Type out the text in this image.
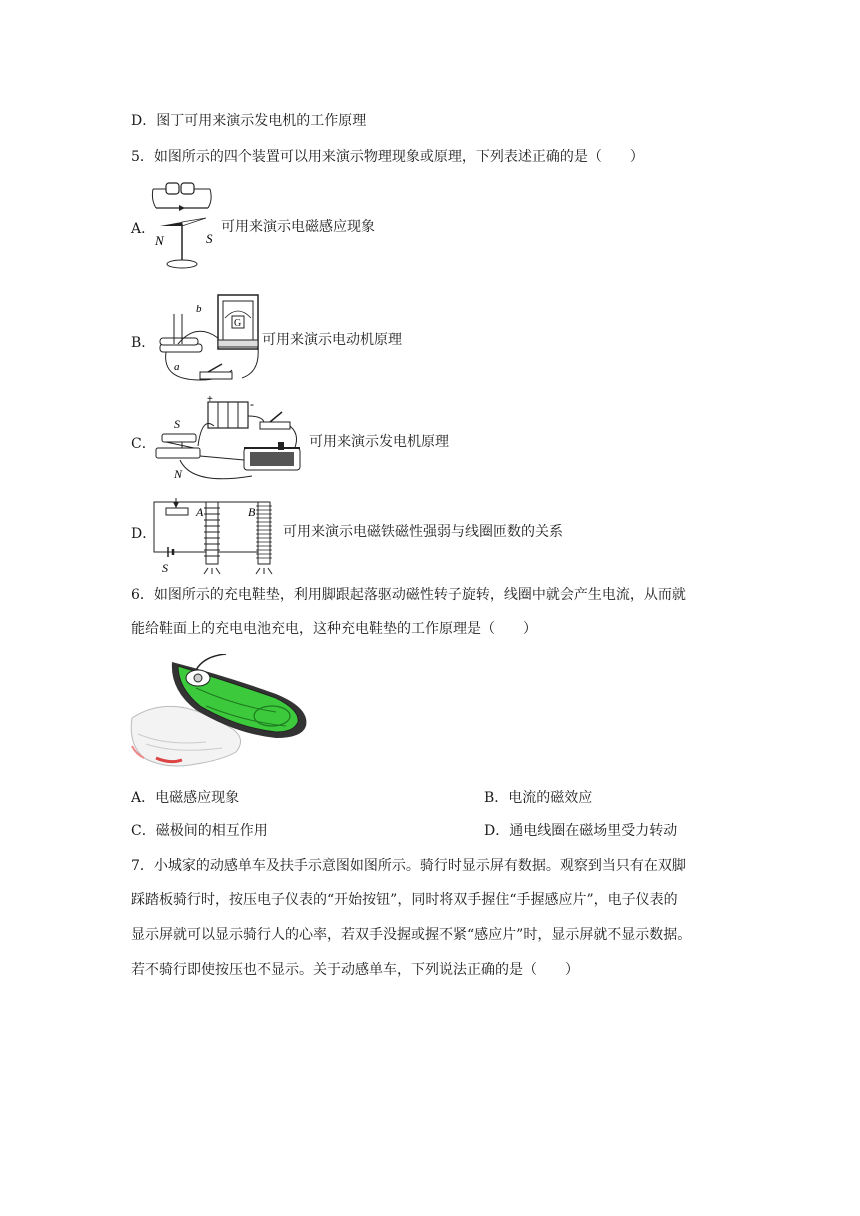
D．图丁可用来演示发电机的工作原理
5．如图所示的四个装置可以用来演示物理现象或原理，下列表述正确的是（　　）
A．
N	S
可用来演示电磁感应现象
B．
G
b
a
可用来演示电动机原理
C．
+	-
S
N
可用来演示发电机原理
D．
A	B
S
可用来演示电磁铁磁性强弱与线圈匝数的关系
6．如图所示的充电鞋垫，利用脚跟起落驱动磁性转子旋转，线圈中就会产生电流，从而就
能给鞋面上的充电电池充电，这种充电鞋垫的工作原理是（　　）
A．电磁感应现象	B．电流的磁效应
C．磁极间的相互作用	D．通电线圈在磁场里受力转动
7．小城家的动感单车及扶手示意图如图所示。骑行时显示屏有数据。观察到当只有在双脚
踩踏板骑行时，按压电子仪表的“开始按钮”，同时将双手握住“手握感应片”，电子仪表的
显示屏就可以显示骑行人的心率，若双手没握或握不紧“感应片”时，显示屏就不显示数据。
若不骑行即使按压也不显示。关于动感单车，下列说法正确的是（　　）
